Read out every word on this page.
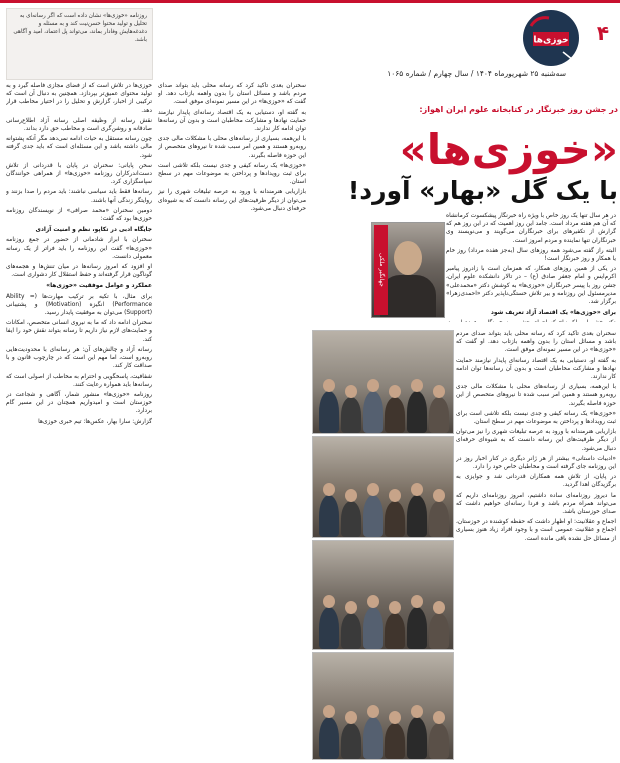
۴
خوزی‌ها
سه‌شنبه ۲۵ شهریورماه ۱۴۰۴ / سال چهارم / شماره ۱۰۶۵

روزنامه «خوزی‌ها» نشان داده است که اگر رسانه‌ای به تحلیل و تولید محتوا حسن‌نیت کند و به مسئله و دغدغه‌هایش وفادار بماند، می‌تواند پل اعتماد، امید و آگاهی باشد.

در جشن روز خبرنگار در کتابخانه علوم ایران اهواز:
«خوزی‌ها»
با یک گل «بهار» آورد!

در هر سال تنها یک روز خاص با ویژه راه خبرنگار پیشکسوت کرمانشاه که آن هم هفته مرداد است. جامد این روز اهمیت که در این روز هم که گرارش از تکفیرهای برای خبرنگاران می‌گویند و می‌نویسند وی خبرنگاران تنها نماینده و مردم امروز است.

البته راز گفته می‌شود همه روزهای سال (به‌جز هفده مرداد) روز خام یا همکار و روز خبرنگار است!

در یکی از همین روزهای همکار، که همزمان است با زادروز پیامبر اکرم‌ایس و امام جعفر صادق (ع) – در تالار دانشکده علوم ایران، جشن روز با پیسر خبرنگاران «خوزی‌ها» به کوشش دکتر «محمدعلی» مدیرمسئول این روزنامه و بیر تلاش خستگی‌ناپذیر دکتر «احمدی‌زهرا» برگزار شد.

برای «خوزی‌ها» یک اقتصاد آزاد تعریف شود

جهانگیر ملکی

سخنران بعدی تأکید کرد که رسانه محلی باید بتواند صدای مردم باشد و مسائل استان را بدون واهمه بازتاب دهد. او گفت که «خوزی‌ها» در این مسیر نمونه‌ای موفق است.

به گفته او، دستیابی به یک اقتصاد رسانه‌ای پایدار نیازمند حمایت نهادها و مشارکت مخاطبان است و بدون آن رسانه‌ها توان ادامه کار ندارند.

با این‌همه، بسیاری از رسانه‌های محلی با مشکلات مالی جدی روبه‌رو هستند و همین امر سبب شده تا نیروهای متخصص از این حوزه فاصله بگیرند.

«خوزی‌ها» یک رسانه کیفی و جدی نیست بلکه تلاشی است برای ثبت رویدادها و پرداختن به موضوعات مهم در سطح استان.

بازاریابی هنرمندانه با ورود به عرصه تبلیغات شهری را نیز می‌توان از دیگر ظرفیت‌های این رسانه دانست که به شیوه‌ای حرفه‌ای دنبال می‌شود.

«ادبیات داستانی» بیشتر از هر ژانر دیگری در کنار اخبار روز در این روزنامه جای گرفته است و مخاطبان خاص خود را دارد.

در پایان، از تلاش همه همکاران قدردانی شد و جوایزی به برگزیدگان اهدا گردید.

ما دیروز روزنامه‌ای ساده داشتیم، امروز روزنامه‌ای داریم که می‌تواند همراه مردم باشد و فردا رسانه‌ای خواهیم داشت که صدای خوزستان باشد.

اجماع و عقلانیت: او اظهار داشت که حفظه کوشنده در خوزستان، اجماع و عقلانیت عمومی است و با وجود افراد زیاد هنوز بسیاری از مسائل حل نشده باقی مانده است.

خوزی‌ها در تلاش است که از فضای مجازی فاصله گیرد و به تولید محتوای عمیق‌تر بپردازد. همچنین به دنبال آن است که ترکیبی از اخبار، گزارش و تحلیل را در اختیار مخاطب قرار دهد.

نقش رسانه از وظیفه اصلی رسانه آزاد اطلاع‌رسانی صادقانه و روشن‌گری است و مخاطب حق دارد بداند.

چون رسانه مستقل به حیات ادامه نمی‌دهد مگر آنکه پشتوانه مالی داشته باشد و این مسئله‌ای است که باید جدی گرفته شود.

سخن پایانی: سخنران در پایان با قدردانی از تلاش دست‌اندرکاران روزنامه «خوزی‌ها» از همراهی خوانندگان سپاسگزاری کرد.

رسانه‌ها فقط باید سیاسی نباشند: باید مردم را صدا بزنند و روایتگر زندگی آنها باشند.

دومین سخنران «محمد صرافی» از نویسندگان روزنامه خوزی‌ها بود که گفت:

جایگاه ادبی در تکاپو، نظم و امنیت آزادی

سخنران با ابراز شادمانی از حضور در جمع روزنامه «خوزی‌ها» گفت این روزنامه را باید فراتر از یک رسانه معمولی دانست.

او افزود که امروز رسانه‌ها در میان تنش‌ها و هجمه‌های گوناگون قرار گرفته‌اند و حفظ استقلال کار دشواری است.

عملکرد و عوامل موفقیت «خوزی‌ها»

برای مثال، با تکیه بر ترکیب مهارت‌ها (Ability = Performance) انگیزه (Motivation) و پشتیبانی (Support) می‌توان به موفقیت پایدار رسید.

سخنران ادامه داد که ما به نیروی انسانی متخصص، امکانات و حمایت‌های لازم نیاز داریم تا رسانه بتواند نقش خود را ایفا کند.

رسانه آزاد و چالش‌های آن: هر رسانه‌ای با محدودیت‌هایی روبه‌رو است، اما مهم این است که در چارچوب قانون و با صداقت کار کند.

شفافیت، پاسخگویی و احترام به مخاطب از اصولی است که رسانه‌ها باید همواره رعایت کنند.

روزنامه «خوزی‌ها» منشور شمار، آگاهی و شجاعت در خوزستان است و امیدواریم همچنان در این مسیر گام بردارد.

گزارش: سارا بهار، عکس‌ها: تیم خبری خوزی‌ها

سخنران بعدی تأکید کرد که رسانه محلی باید بتواند صدای مردم باشد و مسائل استان را بدون واهمه بازتاب دهد. او گفت که «خوزی‌ها» در این مسیر نمونه‌ای موفق است.

به گفته او، دستیابی به یک اقتصاد رسانه‌ای پایدار نیازمند حمایت نهادها و مشارکت مخاطبان است و بدون آن رسانه‌ها توان ادامه کار ندارند.

با این‌همه، بسیاری از رسانه‌های محلی با مشکلات مالی جدی روبه‌رو هستند و همین امر سبب شده تا نیروهای متخصص از این حوزه فاصله بگیرند.

«خوزی‌ها» یک رسانه کیفی و جدی نیست بلکه تلاشی است برای ثبت رویدادها و پرداختن به موضوعات مهم در سطح استان.

بازاریابی هنرمندانه با ورود به عرصه تبلیغات شهری را نیز می‌توان از دیگر ظرفیت‌های این رسانه دانست که به شیوه‌ای حرفه‌ای دنبال می‌شود.
